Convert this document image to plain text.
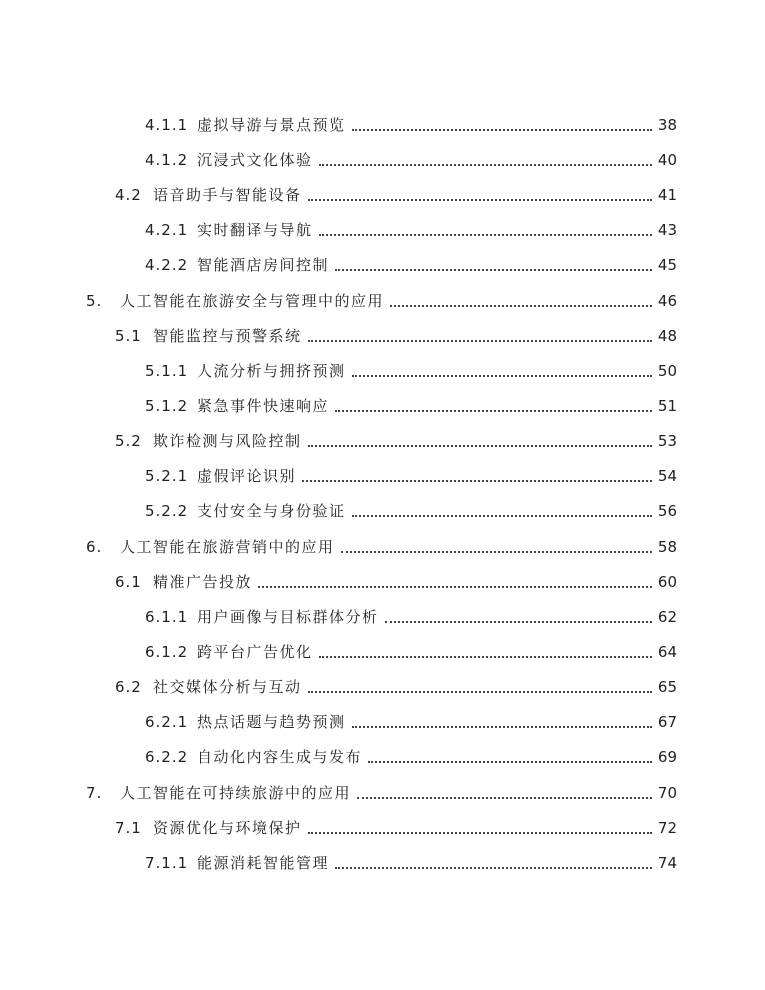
4.1.1 虚拟导游与景点预览	38
4.1.2 沉浸式文化体验	40
4.2 语音助手与智能设备	41
4.2.1 实时翻译与导航	43
4.2.2 智能酒店房间控制	45
5.	人工智能在旅游安全与管理中的应用	46
5.1 智能监控与预警系统	48
5.1.1 人流分析与拥挤预测	50
5.1.2 紧急事件快速响应	51
5.2 欺诈检测与风险控制	53
5.2.1 虚假评论识别	54
5.2.2 支付安全与身份验证	56
6.	人工智能在旅游营销中的应用	58
6.1 精准广告投放	60
6.1.1 用户画像与目标群体分析	62
6.1.2 跨平台广告优化	64
6.2 社交媒体分析与互动	65
6.2.1 热点话题与趋势预测	67
6.2.2 自动化内容生成与发布	69
7.	人工智能在可持续旅游中的应用	70
7.1 资源优化与环境保护	72
7.1.1 能源消耗智能管理	74
